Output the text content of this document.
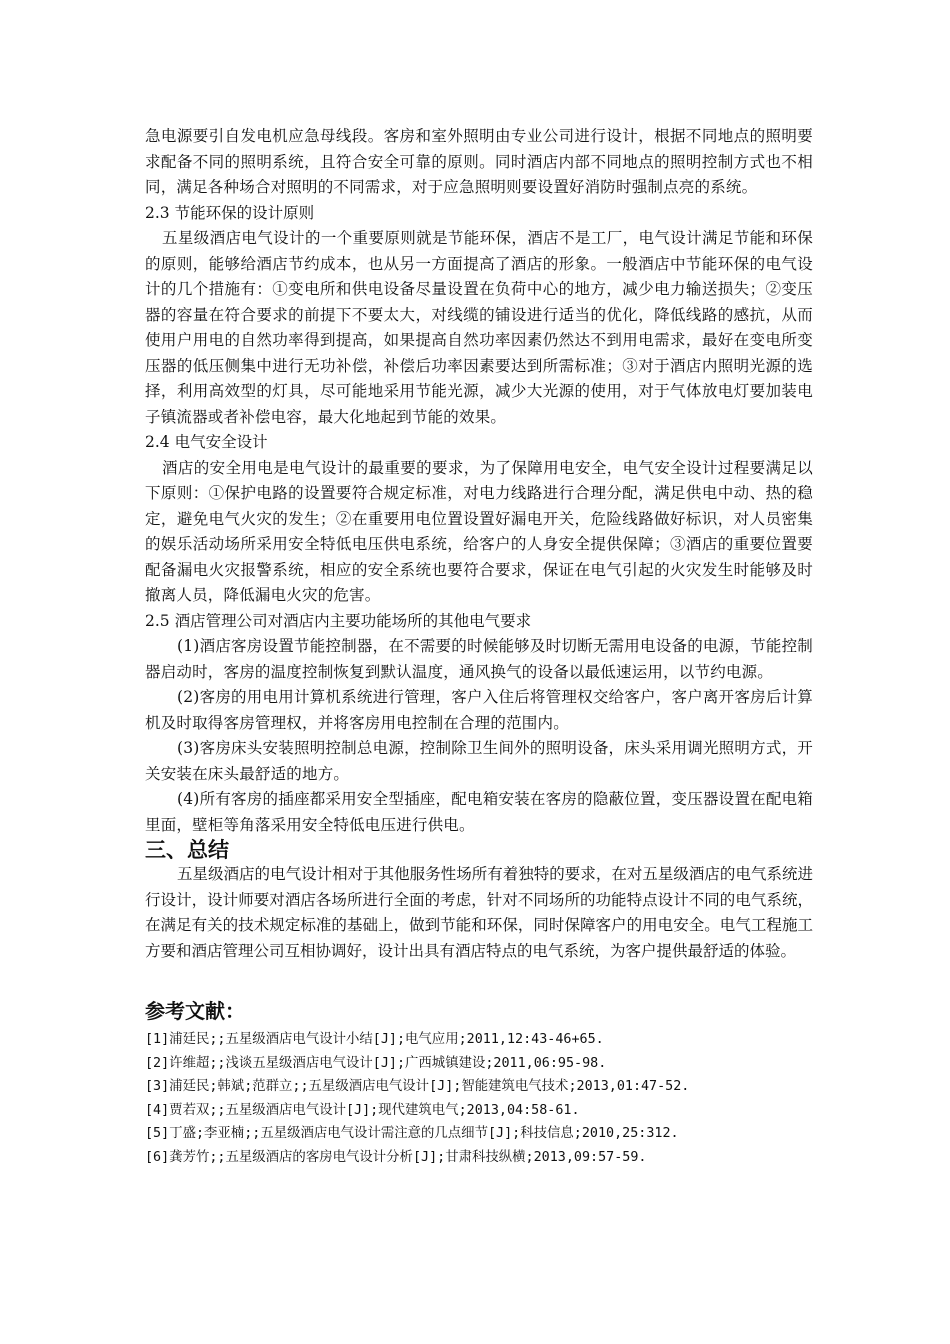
急电源要引自发电机应急母线段。客房和室外照明由专业公司进行设计，根据不同地点的照明要求配备不同的照明系统，且符合安全可靠的原则。同时酒店内部不同地点的照明控制方式也不相同，满足各种场合对照明的不同需求，对于应急照明则要设置好消防时强制点亮的系统。

2.3 节能环保的设计原则

五星级酒店电气设计的一个重要原则就是节能环保，酒店不是工厂，电气设计满足节能和环保的原则，能够给酒店节约成本，也从另一方面提高了酒店的形象。一般酒店中节能环保的电气设计的几个措施有：①变电所和供电设备尽量设置在负荷中心的地方，减少电力输送损失；②变压器的容量在符合要求的前提下不要太大，对线缆的铺设进行适当的优化，降低线路的感抗，从而使用户用电的自然功率得到提高，如果提高自然功率因素仍然达不到用电需求，最好在变电所变压器的低压侧集中进行无功补偿，补偿后功率因素要达到所需标准；③对于酒店内照明光源的选择，利用高效型的灯具，尽可能地采用节能光源，减少大光源的使用，对于气体放电灯要加装电子镇流器或者补偿电容，最大化地起到节能的效果。

2.4 电气安全设计

酒店的安全用电是电气设计的最重要的要求，为了保障用电安全，电气安全设计过程要满足以下原则：①保护电路的设置要符合规定标准，对电力线路进行合理分配，满足供电中动、热的稳定，避免电气火灾的发生；②在重要用电位置设置好漏电开关，危险线路做好标识，对人员密集的娱乐活动场所采用安全特低电压供电系统，给客户的人身安全提供保障；③酒店的重要位置要配备漏电火灾报警系统，相应的安全系统也要符合要求，保证在电气引起的火灾发生时能够及时撤离人员，降低漏电火灾的危害。

2.5 酒店管理公司对酒店内主要功能场所的其他电气要求

(1)酒店客房设置节能控制器，在不需要的时候能够及时切断无需用电设备的电源，节能控制器启动时，客房的温度控制恢复到默认温度，通风换气的设备以最低速运用，以节约电源。

(2)客房的用电用计算机系统进行管理，客户入住后将管理权交给客户，客户离开客房后计算机及时取得客房管理权，并将客房用电控制在合理的范围内。

(3)客房床头安装照明控制总电源，控制除卫生间外的照明设备，床头采用调光照明方式，开关安装在床头最舒适的地方。

(4)所有客房的插座都采用安全型插座，配电箱安装在客房的隐蔽位置，变压器设置在配电箱里面，壁柜等角落采用安全特低电压进行供电。

三、总结

五星级酒店的电气设计相对于其他服务性场所有着独特的要求，在对五星级酒店的电气系统进行设计，设计师要对酒店各场所进行全面的考虑，针对不同场所的功能特点设计不同的电气系统，在满足有关的技术规定标准的基础上，做到节能和环保，同时保障客户的用电安全。电气工程施工方要和酒店管理公司互相协调好，设计出具有酒店特点的电气系统，为客户提供最舒适的体验。

参考文献：

[1]浦廷民;;五星级酒店电气设计小结[J];电气应用;2011,12:43-46+65.
[2]许维超;;浅谈五星级酒店电气设计[J];广西城镇建设;2011,06:95-98.
[3]浦廷民;韩斌;范群立;;五星级酒店电气设计[J];智能建筑电气技术;2013,01:47-52.
[4]贾若双;;五星级酒店电气设计[J];现代建筑电气;2013,04:58-61.
[5]丁盛;李亚楠;;五星级酒店电气设计需注意的几点细节[J];科技信息;2010,25:312.
[6]龚芳竹;;五星级酒店的客房电气设计分析[J];甘肃科技纵横;2013,09:57-59.
